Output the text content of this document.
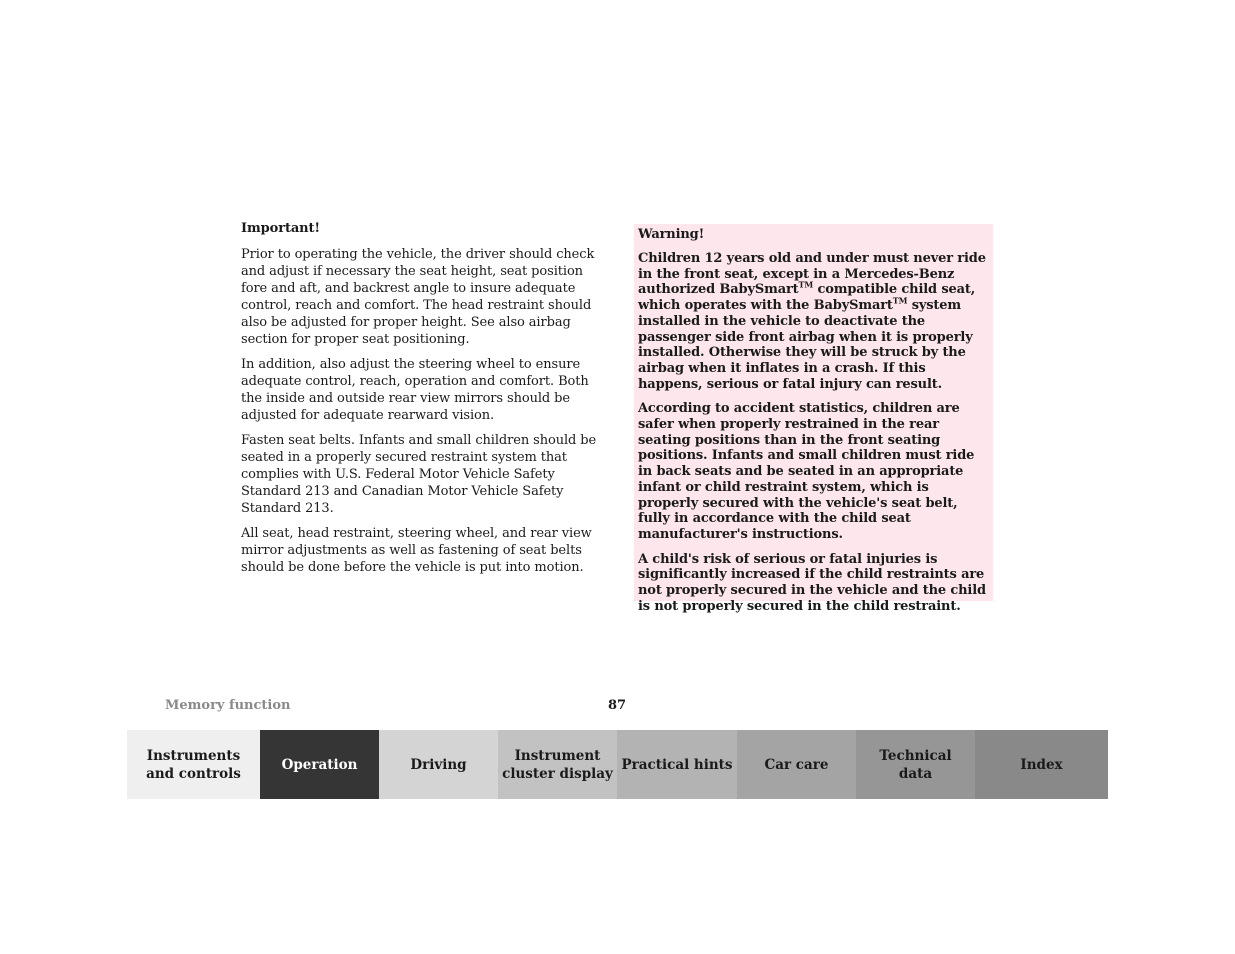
Important!

Prior to operating the vehicle, the driver should check and adjust if necessary the seat height, seat position fore and aft, and backrest angle to insure adequate control, reach and comfort. The head restraint should also be adjusted for proper height. See also airbag section for proper seat positioning.

In addition, also adjust the steering wheel to ensure adequate control, reach, operation and comfort. Both the inside and outside rear view mirrors should be adjusted for adequate rearward vision.

Fasten seat belts. Infants and small children should be seated in a properly secured restraint system that complies with U.S. Federal Motor Vehicle Safety Standard 213 and Canadian Motor Vehicle Safety Standard 213.

All seat, head restraint, steering wheel, and rear view mirror adjustments as well as fastening of seat belts should be done before the vehicle is put into motion.

Warning!

Children 12 years old and under must never ride in the front seat, except in a Mercedes-Benz authorized BabySmart™ compatible child seat, which operates with the BabySmart™ system installed in the vehicle to deactivate the passenger side front airbag when it is properly installed. Otherwise they will be struck by the airbag when it inflates in a crash. If this happens, serious or fatal injury can result.

According to accident statistics, children are safer when properly restrained in the rear seating positions than in the front seating positions. Infants and small children must ride in back seats and be seated in an appropriate infant or child restraint system, which is properly secured with the vehicle's seat belt, fully in accordance with the child seat manufacturer's instructions.

A child's risk of serious or fatal injuries is significantly increased if the child restraints are not properly secured in the vehicle and the child is not properly secured in the child restraint.

Memory function	87
Instruments
and controls
Operation	Driving
Instrument
cluster display
Practical hints	Car care
Technical
data
Index
